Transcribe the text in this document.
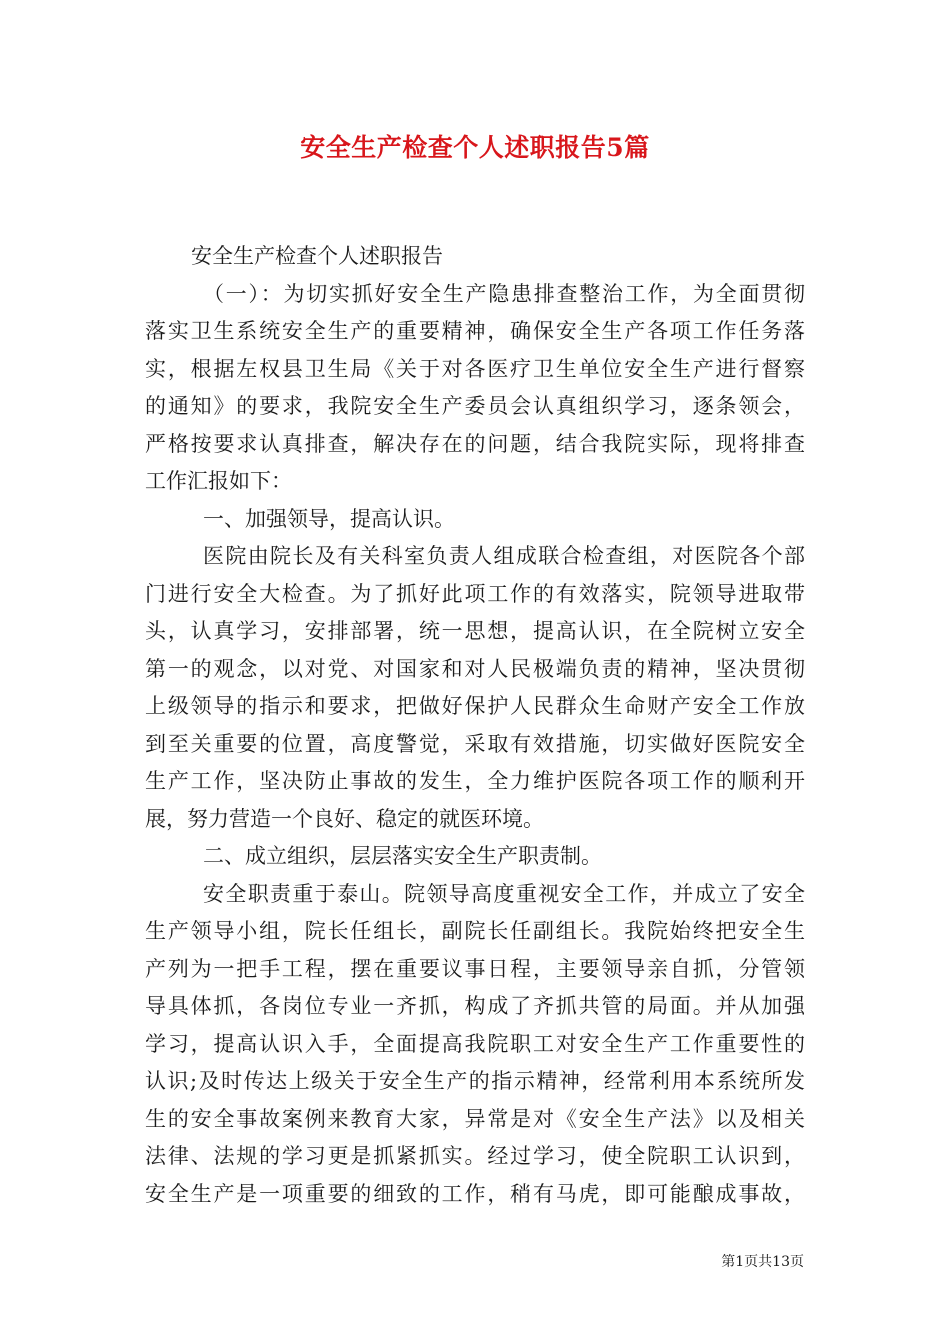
安全生产检查个人述职报告5篇
安全生产检查个人述职报告
（一）：为切实抓好安全生产隐患排查整治工作，为全面贯彻
落实卫生系统安全生产的重要精神，确保安全生产各项工作任务落
实，根据左权县卫生局《关于对各医疗卫生单位安全生产进行督察
的通知》的要求，我院安全生产委员会认真组织学习，逐条领会，
严格按要求认真排查，解决存在的问题，结合我院实际，现将排查
工作汇报如下：
一、加强领导，提高认识。
医院由院长及有关科室负责人组成联合检查组，对医院各个部
门进行安全大检查。为了抓好此项工作的有效落实，院领导进取带
头，认真学习，安排部署，统一思想，提高认识，在全院树立安全
第一的观念，以对党、对国家和对人民极端负责的精神，坚决贯彻
上级领导的指示和要求，把做好保护人民群众生命财产安全工作放
到至关重要的位置，高度警觉，采取有效措施，切实做好医院安全
生产工作，坚决防止事故的发生，全力维护医院各项工作的顺利开
展，努力营造一个良好、稳定的就医环境。
二、成立组织，层层落实安全生产职责制。
安全职责重于泰山。院领导高度重视安全工作，并成立了安全
生产领导小组，院长任组长，副院长任副组长。我院始终把安全生
产列为一把手工程，摆在重要议事日程，主要领导亲自抓，分管领
导具体抓，各岗位专业一齐抓，构成了齐抓共管的局面。并从加强
学习，提高认识入手，全面提高我院职工对安全生产工作重要性的
认识;及时传达上级关于安全生产的指示精神，经常利用本系统所发
生的安全事故案例来教育大家，异常是对《安全生产法》以及相关
法律、法规的学习更是抓紧抓实。经过学习，使全院职工认识到，
安全生产是一项重要的细致的工作，稍有马虎，即可能酿成事故，
第1页共13页
